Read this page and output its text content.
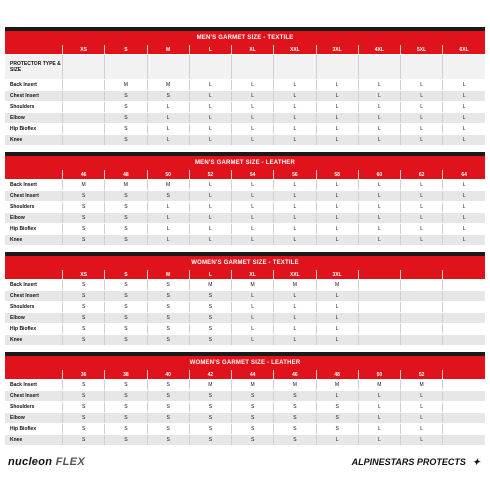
MEN'S GARMET SIZE - TEXTILE
	XS	S	M	L	XL	XXL	3XL	4XL	5XL	6XL
PROTECTOR TYPE & SIZE										
Back Insert		M	M	L	L	L	L	L	L	L
Chest Insert		S	S	L	L	L	L	L	L	L
Shoulders		S	L	L	L	L	L	L	L	L
Elbow		S	L	L	L	L	L	L	L	L
Hip Bioflex		S	L	L	L	L	L	L	L	L
Knee		S	L	L	L	L	L	L	L	L
MEN'S GARMET SIZE - LEATHER
	46	48	50	52	54	56	58	60	62	64
Back Insert	M	M	M	L	L	L	L	L	L	L
Chest Insert	S	S	S	L	L	L	L	L	L	L
Shoulders	S	S	L	L	L	L	L	L	L	L
Elbow	S	S	L	L	L	L	L	L	L	L
Hip Bioflex	S	S	L	L	L	L	L	L	L	L
Knee	S	S	L	L	L	L	L	L	L	L
WOMEN'S GARMET SIZE - TEXTILE
	XS	S	M	L	XL	XXL	3XL			
Back Insert	S	S	S	M	M	M	M			
Chest Insert	S	S	S	S	L	L	L			
Shoulders	S	S	S	S	L	L	L			
Elbow	S	S	S	S	L	L	L			
Hip Bioflex	S	S	S	S	L	L	L			
Knee	S	S	S	S	L	L	L			
WOMEN'S GARMET SIZE - LEATHER
	36	38	40	42	44	46	48	50	52	
Back Insert	S	S	S	M	M	M	M	M	M	
Chest Insert	S	S	S	S	S	S	L	L	L	
Shoulders	S	S	S	S	S	S	S	L	L	
Elbow	S	S	S	S	S	S	S	L	L	
Hip Bioflex	S	S	S	S	S	S	S	L	L	
Knee	S	S	S	S	S	S	L	L	L	
nucleon FLEX	ALPINESTARS PROTECTS ✦
